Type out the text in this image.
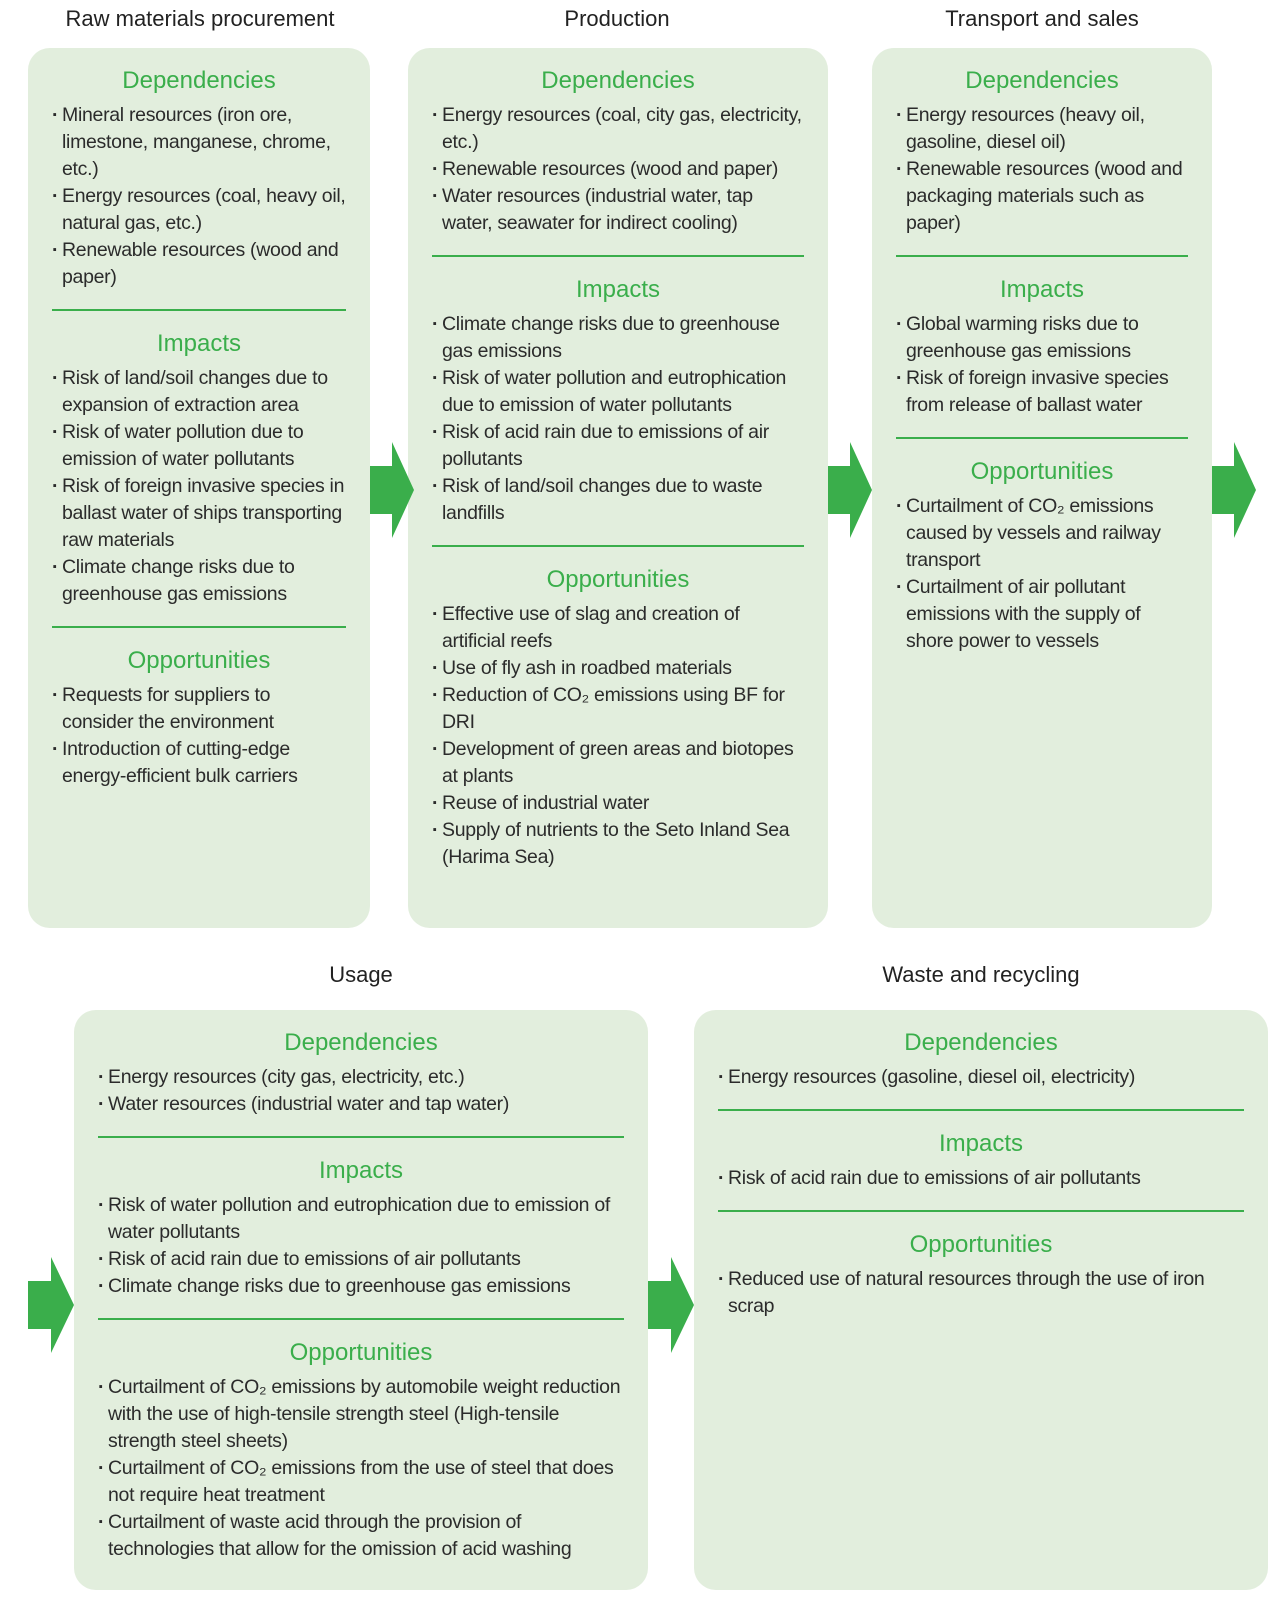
Raw materials procurement	Production	Transport and sales
Usage	Waste and recycling
Dependencies
· Mineral resources (iron ore, limestone, manganese, chrome, etc.)
· Energy resources (coal, heavy oil, natural gas, etc.)
· Renewable resources (wood and paper)
Impacts
· Risk of land/soil changes due to expansion of extraction area
· Risk of water pollution due to emission of water pollutants
· Risk of foreign invasive species in ballast water of ships transporting raw materials
· Climate change risks due to greenhouse gas emissions
Opportunities
· Requests for suppliers to consider the environment
· Introduction of cutting-edge energy-efficient bulk carriers
Dependencies
· Energy resources (coal, city gas, electricity, etc.)
· Renewable resources (wood and paper)
· Water resources (industrial water, tap water, seawater for indirect cooling)
Impacts
· Climate change risks due to greenhouse gas emissions
· Risk of water pollution and eutrophication due to emission of water pollutants
· Risk of acid rain due to emissions of air pollutants
· Risk of land/soil changes due to waste landfills
Opportunities
· Effective use of slag and creation of artificial reefs
· Use of fly ash in roadbed materials
· Reduction of CO₂ emissions using BF for DRI
· Development of green areas and biotopes at plants
· Reuse of industrial water
· Supply of nutrients to the Seto Inland Sea (Harima Sea)
Dependencies
· Energy resources (heavy oil, gasoline, diesel oil)
· Renewable resources (wood and packaging materials such as paper)
Impacts
· Global warming risks due to greenhouse gas emissions
· Risk of foreign invasive species from release of ballast water
Opportunities
· Curtailment of CO₂ emissions caused by vessels and railway transport
· Curtailment of air pollutant emissions with the supply of shore power to vessels
Dependencies
· Energy resources (city gas, electricity, etc.)
· Water resources (industrial water and tap water)
Impacts
· Risk of water pollution and eutrophication due to emission of water pollutants
· Risk of acid rain due to emissions of air pollutants
· Climate change risks due to greenhouse gas emissions
Opportunities
· Curtailment of CO₂ emissions by automobile weight reduction with the use of high-tensile strength steel (High-tensile strength steel sheets)
· Curtailment of CO₂ emissions from the use of steel that does not require heat treatment
· Curtailment of waste acid through the provision of technologies that allow for the omission of acid washing
Dependencies
· Energy resources (gasoline, diesel oil, electricity)
Impacts
· Risk of acid rain due to emissions of air pollutants
Opportunities
· Reduced use of natural resources through the use of iron scrap
